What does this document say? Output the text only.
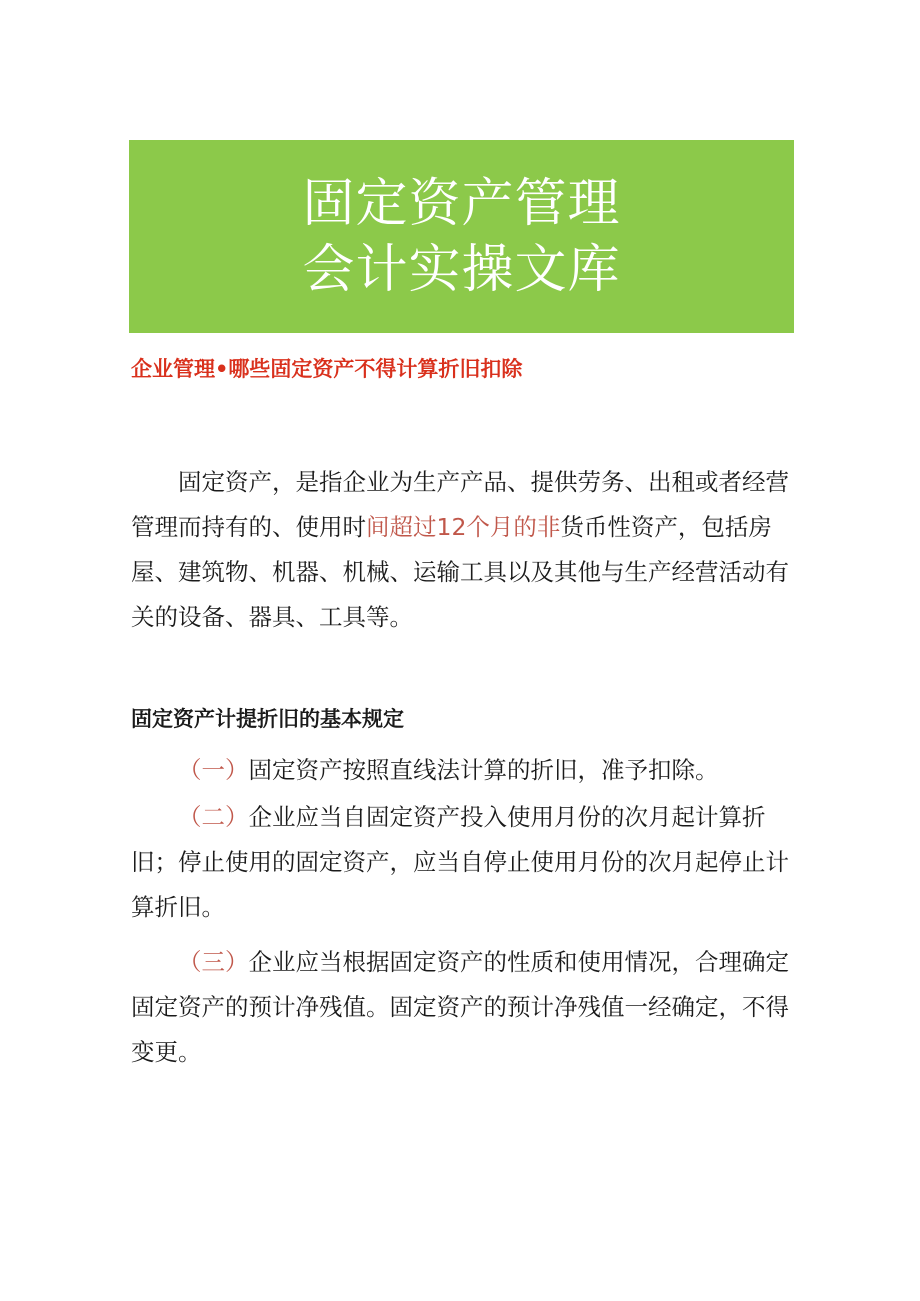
固定资产管理
会计实操文库
企业管理•哪些固定资产不得计算折旧扣除

固定资产，是指企业为生产产品、提供劳务、出租或者经营管理而持有的、使用时间超过12个月的非货币性资产，包括房屋、建筑物、机器、机械、运输工具以及其他与生产经营活动有关的设备、器具、工具等。

固定资产计提折旧的基本规定

（一）固定资产按照直线法计算的折旧，准予扣除。

（二）企业应当自固定资产投入使用月份的次月起计算折旧；停止使用的固定资产，应当自停止使用月份的次月起停止计算折旧。

（三）企业应当根据固定资产的性质和使用情况，合理确定固定资产的预计净残值。固定资产的预计净残值一经确定，不得变更。
